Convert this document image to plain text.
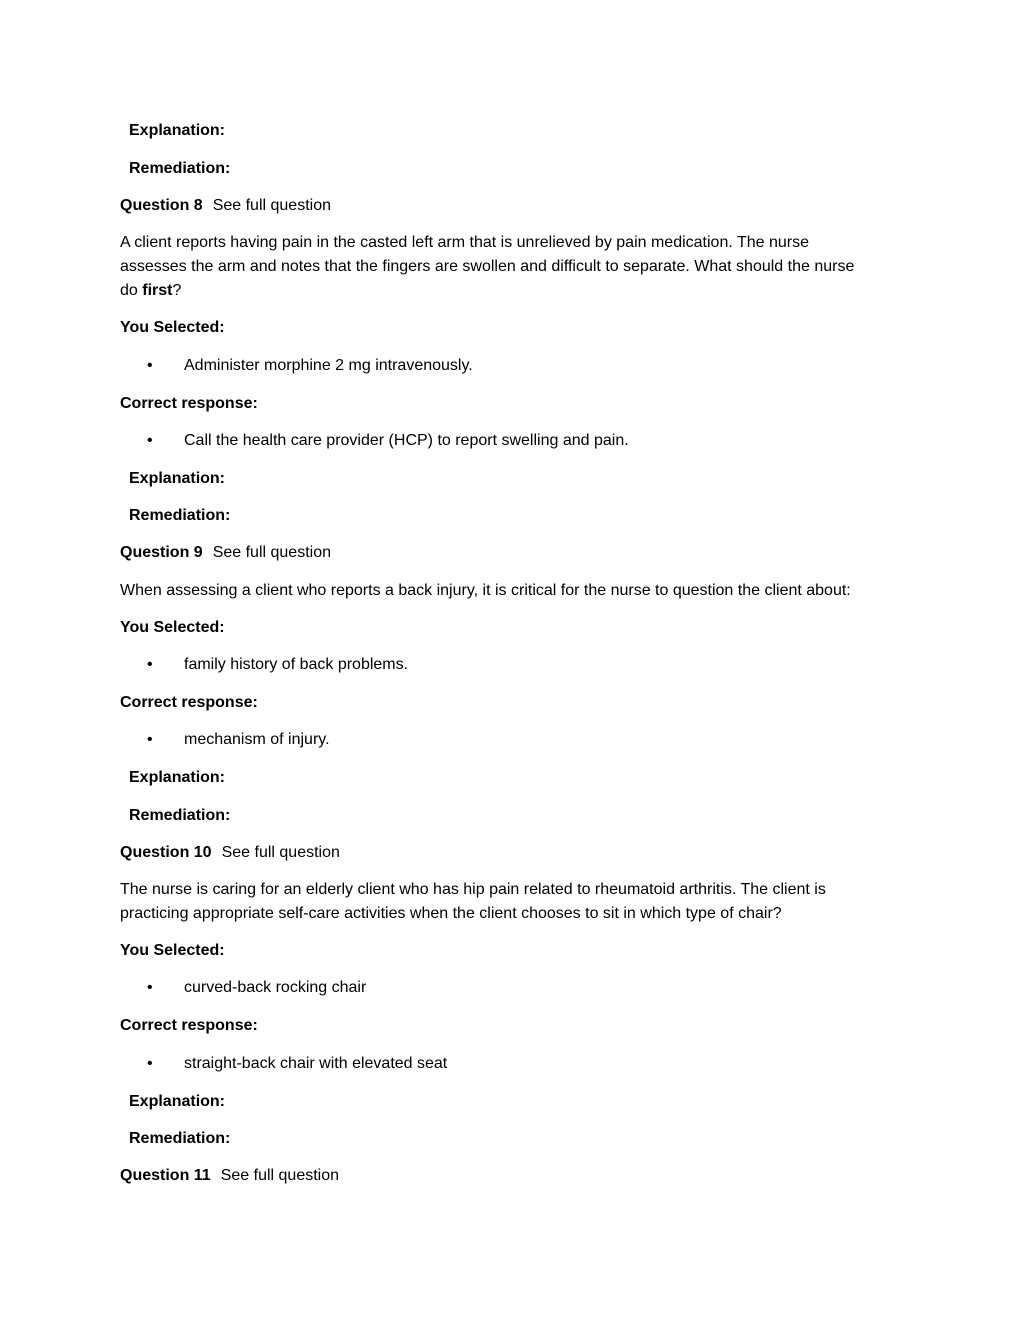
Explanation:
Remediation:
Question 8 See full question
A client reports having pain in the casted left arm that is unrelieved by pain medication. The nurse
assesses the arm and notes that the fingers are swollen and difficult to separate. What should the nurse
do first?
You Selected:
• Administer morphine 2 mg intravenously.
Correct response:
• Call the health care provider (HCP) to report swelling and pain.
Explanation:
Remediation:
Question 9 See full question
When assessing a client who reports a back injury, it is critical for the nurse to question the client about:
You Selected:
• family history of back problems.
Correct response:
• mechanism of injury.
Explanation:
Remediation:
Question 10 See full question
The nurse is caring for an elderly client who has hip pain related to rheumatoid arthritis. The client is
practicing appropriate self-care activities when the client chooses to sit in which type of chair?
You Selected:
• curved-back rocking chair
Correct response:
• straight-back chair with elevated seat
Explanation:
Remediation:
Question 11 See full question
